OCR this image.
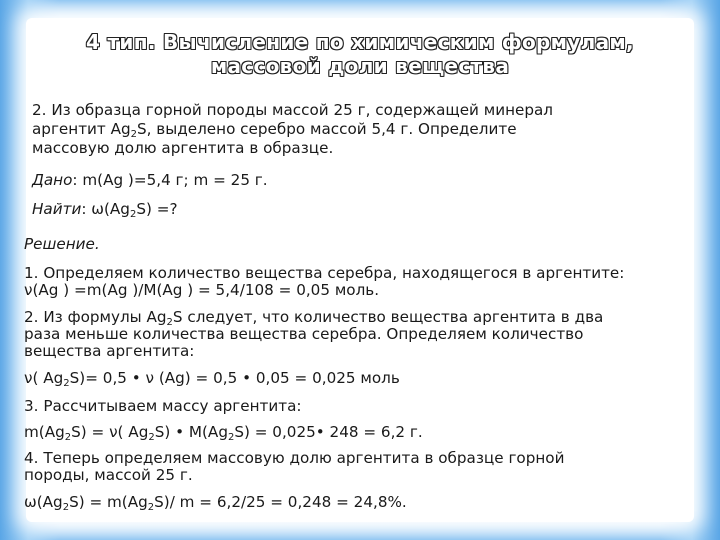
4 тип. Вычисление по химическим формулам,
массовой доли вещества
2. Из образца горной породы массой 25 г, содержащей минерал
аргентит $Ag_2S$, выделено серебро массой 5,4 г. Определите
массовую долю аргентита в образце.
Дано: m(Ag )=5,4 г; m = 25 г.
Найти: $\omega(Ag_2S)$ =?
Решение.
1. Определяем количество вещества серебра, находящегося в аргентите:
ν(Ag ) =m(Ag )/M(Ag ) = 5,4/108 = 0,05 моль.
2. Из формулы $Ag_2S$ следует, что количество вещества аргентита в два
раза меньше количества вещества серебра. Определяем количество
вещества аргентита:
ν( $Ag_2S)= 0,5$ • ν (Ag) = 0,5 • 0,05 = 0,025 моль
3. Рассчитываем массу аргентита:
$m(Ag_2S) = \nu$( $Ag_2S$) • $M(Ag_2S)$ = 0,025• 248 = 6,2 г.
4. Теперь определяем массовую долю аргентита в образце горной
породы, массой 25 г.
$\omega(Ag_2S) = m(Ag_2S)/$ m = 6,2/25 = 0,248 = 24,8%.
